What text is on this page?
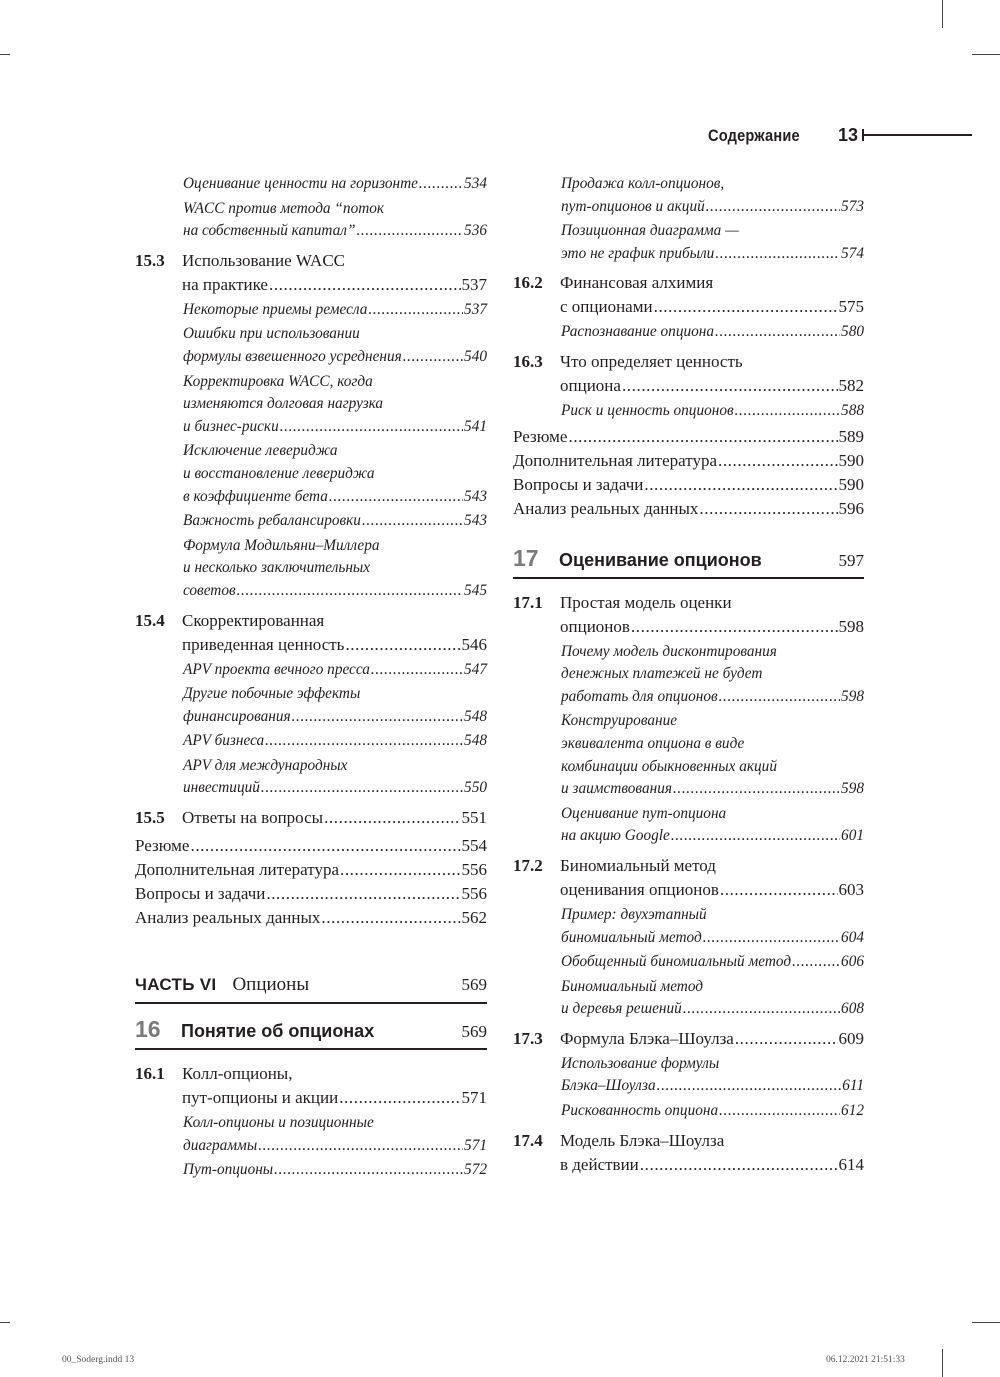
Содержание 13
Оценивание ценности на горизонте .....	534
WACC против метода “поток
на собственный капитал” .....	536
15.3	Использование WACC
на практике .....	537
Некоторые приемы ремесла .....	537
Ошибки при использовании
формулы взвешенного усреднения .....	540
Корректировка WACC, когда
изменяются долговая нагрузка
и бизнес-риски .....	541
Исключение левериджа
и восстановление левериджа
в коэффициенте бета .....	543
Важность ребалансировки .....	543
Формула Модильяни–Миллера
и несколько заключительных
советов .....	545
15.4	Скорректированная
приведенная ценность .....	546
APV проекта вечного пресса .....	547
Другие побочные эффекты
финансирования .....	548
APV бизнеса .....	548
APV для международных
инвестиций .....	550
15.5	Ответы на вопросы .....	551
Резюме .....	554
Дополнительная литература .....	556
Вопросы и задачи .....	556
Анализ реальных данных .....	562
ЧАСТЬ VI Опционы	569
16	Понятие об опционах	569
16.1	Колл-опционы,
пут-опционы и акции .....	571
Колл-опционы и позиционные
диаграммы .....	571
Пут-опционы .....	572
Продажа колл-опционов,
пут-опционов и акций .....	573
Позиционная диаграмма —
это не график прибыли .....	574
16.2	Финансовая алхимия
с опционами .....	575
Распознавание опциона .....	580
16.3	Что определяет ценность
опциона .....	582
Риск и ценность опционов .....	588
Резюме .....	589
Дополнительная литература .....	590
Вопросы и задачи .....	590
Анализ реальных данных .....	596
17	Оценивание опционов	597
17.1	Простая модель оценки
опционов .....	598
Почему модель дисконтирования
денежных платежей не будет
работать для опционов .....	598
Конструирование
эквивалента опциона в виде
комбинации обыкновенных акций
и заимствования .....	598
Оценивание пут-опциона
на акцию Google .....	601
17.2	Биномиальный метод
оценивания опционов .....	603
Пример: двухэтапный
биномиальный метод .....	604
Обобщенный биномиальный метод .....	606
Биномиальный метод
и деревья решений .....	608
17.3	Формула Блэка–Шоулза .....	609
Использование формулы
Блэка–Шоулза .....	611
Рискованность опциона .....	612
17.4	Модель Блэка–Шоулза
в действии .....	614
00_Soderg.indd 13	06.12.2021 21:51:33
